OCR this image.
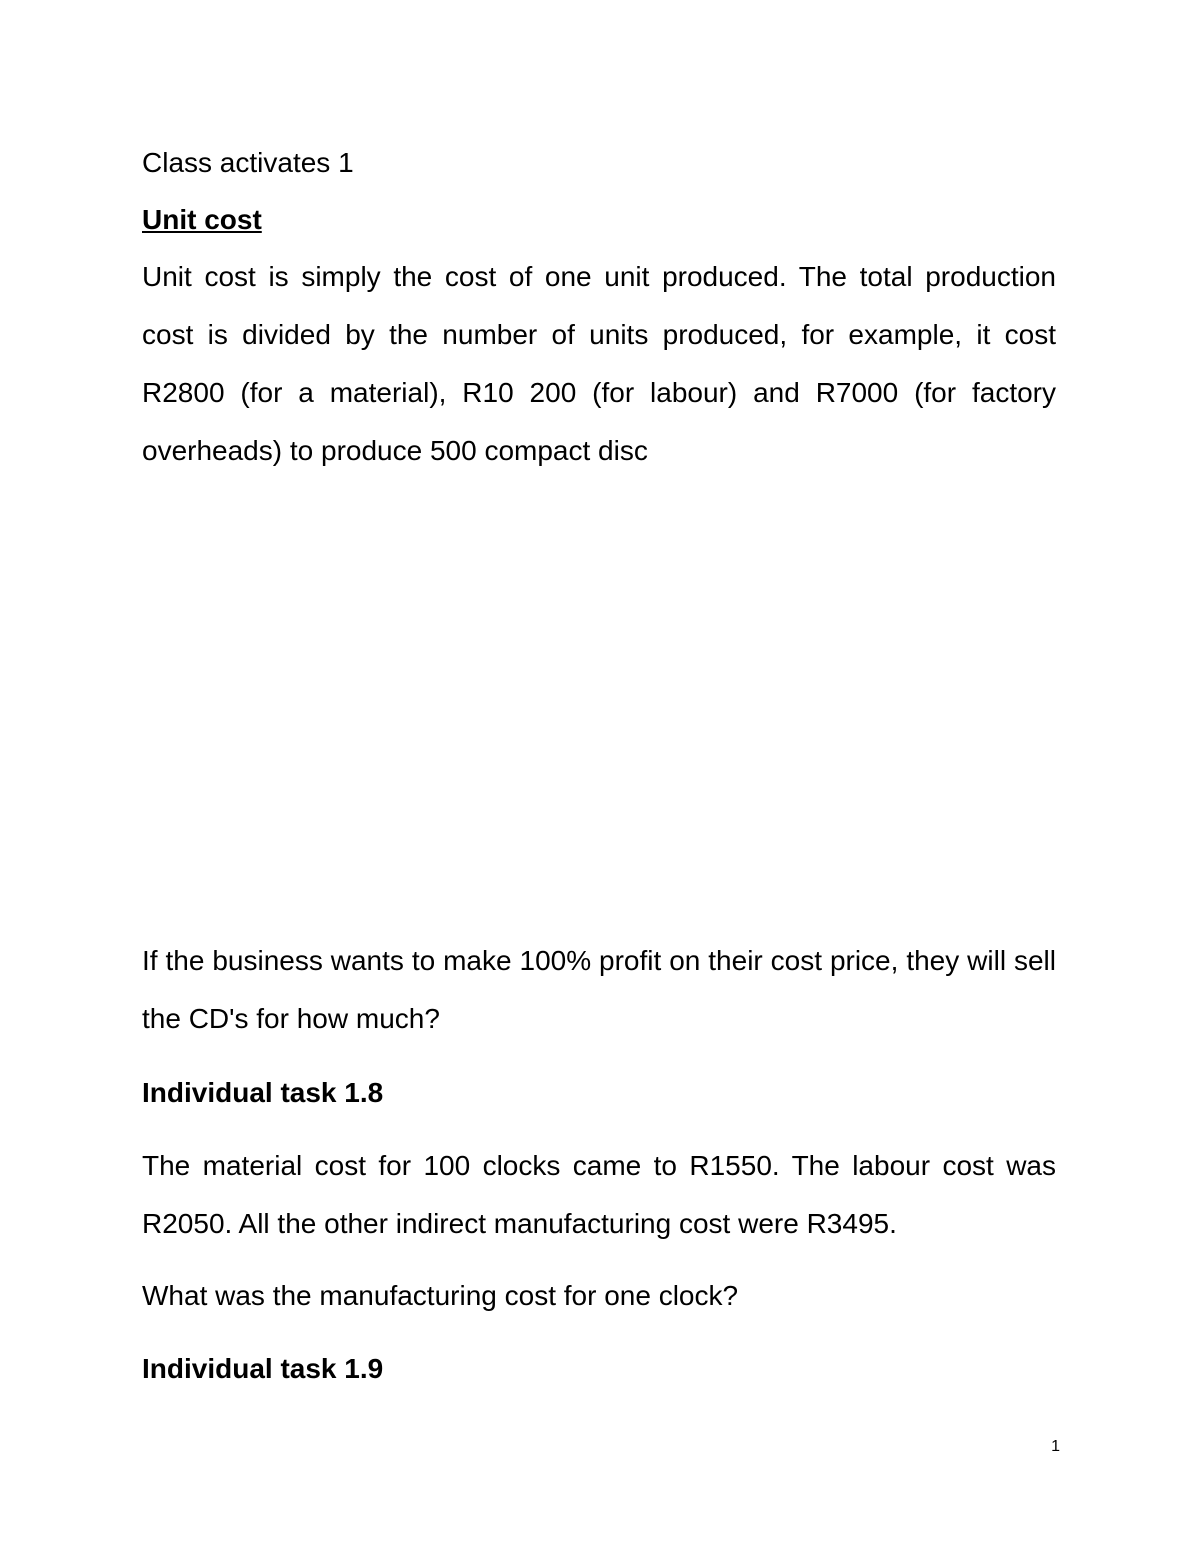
Class activates 1

Unit cost

Unit cost is simply the cost of one unit produced. The total production cost is divided by the number of units produced, for example, it cost R2800 (for a material), R10 200 (for labour) and R7000 (for factory overheads) to produce 500 compact disc

If the business wants to make 100% profit on their cost price, they will sell the CD's for how much?

Individual task 1.8

The material cost for 100 clocks came to R1550. The labour cost was R2050. All the other indirect manufacturing cost were R3495.

What was the manufacturing cost for one clock?

Individual task 1.9

1
